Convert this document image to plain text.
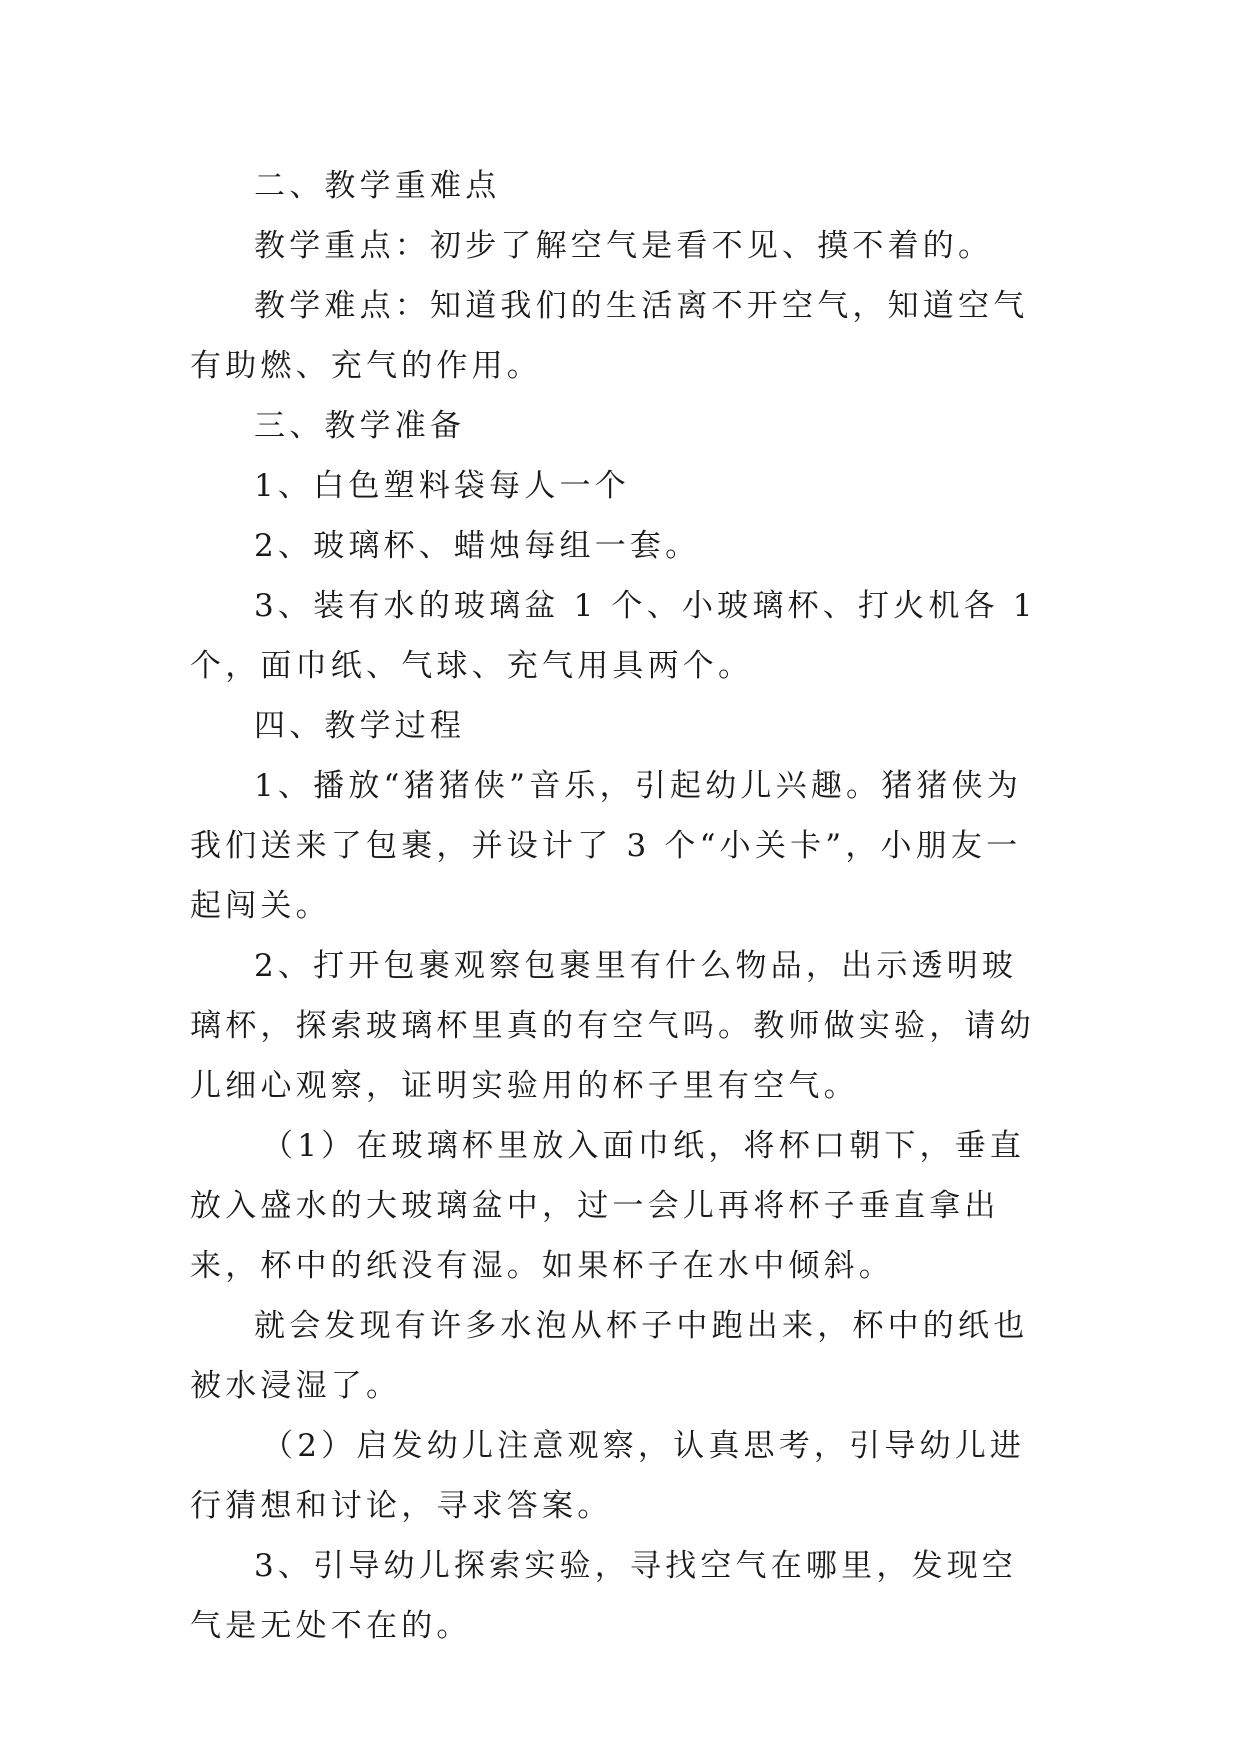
二、教学重难点

教学重点：初步了解空气是看不见、摸不着的。

教学难点：知道我们的生活离不开空气，知道空气有助燃、充气的作用。

三、教学准备

1、白色塑料袋每人一个

2、玻璃杯、蜡烛每组一套。

3、装有水的玻璃盆 1 个、小玻璃杯、打火机各 1 个，面巾纸、气球、充气用具两个。

四、教学过程

1、播放“猪猪侠”音乐，引起幼儿兴趣。猪猪侠为我们送来了包裹，并设计了 3 个“小关卡”，小朋友一起闯关。

2、打开包裹观察包裹里有什么物品，出示透明玻璃杯，探索玻璃杯里真的有空气吗。教师做实验，请幼儿细心观察，证明实验用的杯子里有空气。

（1）在玻璃杯里放入面巾纸，将杯口朝下，垂直放入盛水的大玻璃盆中，过一会儿再将杯子垂直拿出来，杯中的纸没有湿。如果杯子在水中倾斜。

就会发现有许多水泡从杯子中跑出来，杯中的纸也被水浸湿了。

（2）启发幼儿注意观察，认真思考，引导幼儿进行猜想和讨论，寻求答案。

3、引导幼儿探索实验，寻找空气在哪里，发现空气是无处不在的。
